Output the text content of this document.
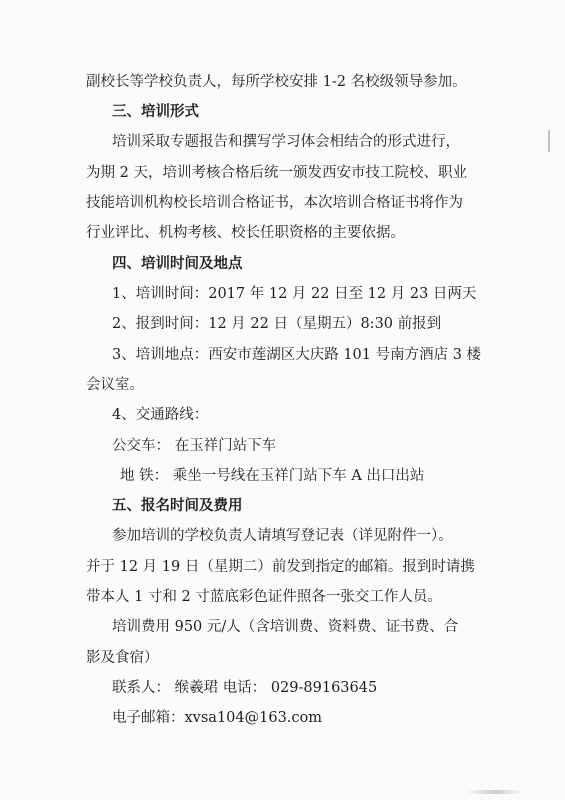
副校长等学校负责人，每所学校安排 1-2 名校级领导参加。
三、培训形式
培训采取专题报告和撰写学习体会相结合的形式进行，
为期 2 天，培训考核合格后统一颁发西安市技工院校、职业
技能培训机构校长培训合格证书，本次培训合格证书将作为
行业评比、机构考核、校长任职资格的主要依据。
四、培训时间及地点
1、培训时间：2017 年 12 月 22 日至 12 月 23 日两天
2、报到时间：12 月 22 日（星期五）8:30 前报到
3、培训地点：西安市莲湖区大庆路 101 号南方酒店 3 楼
会议室。
4、交通路线：
公交车： 在玉祥门站下车
地 铁： 乘坐一号线在玉祥门站下车 A 出口出站
五、报名时间及费用
参加培训的学校负责人请填写登记表（详见附件一）。
并于 12 月 19 日（星期二）前发到指定的邮箱。报到时请携
带本人 1 寸和 2 寸蓝底彩色证件照各一张交工作人员。
培训费用 950 元/人（含培训费、资料费、证书费、合
影及食宿）
联系人： 缑羲珺 电话： 029-89163645
电子邮箱：xvsa104@163.com
